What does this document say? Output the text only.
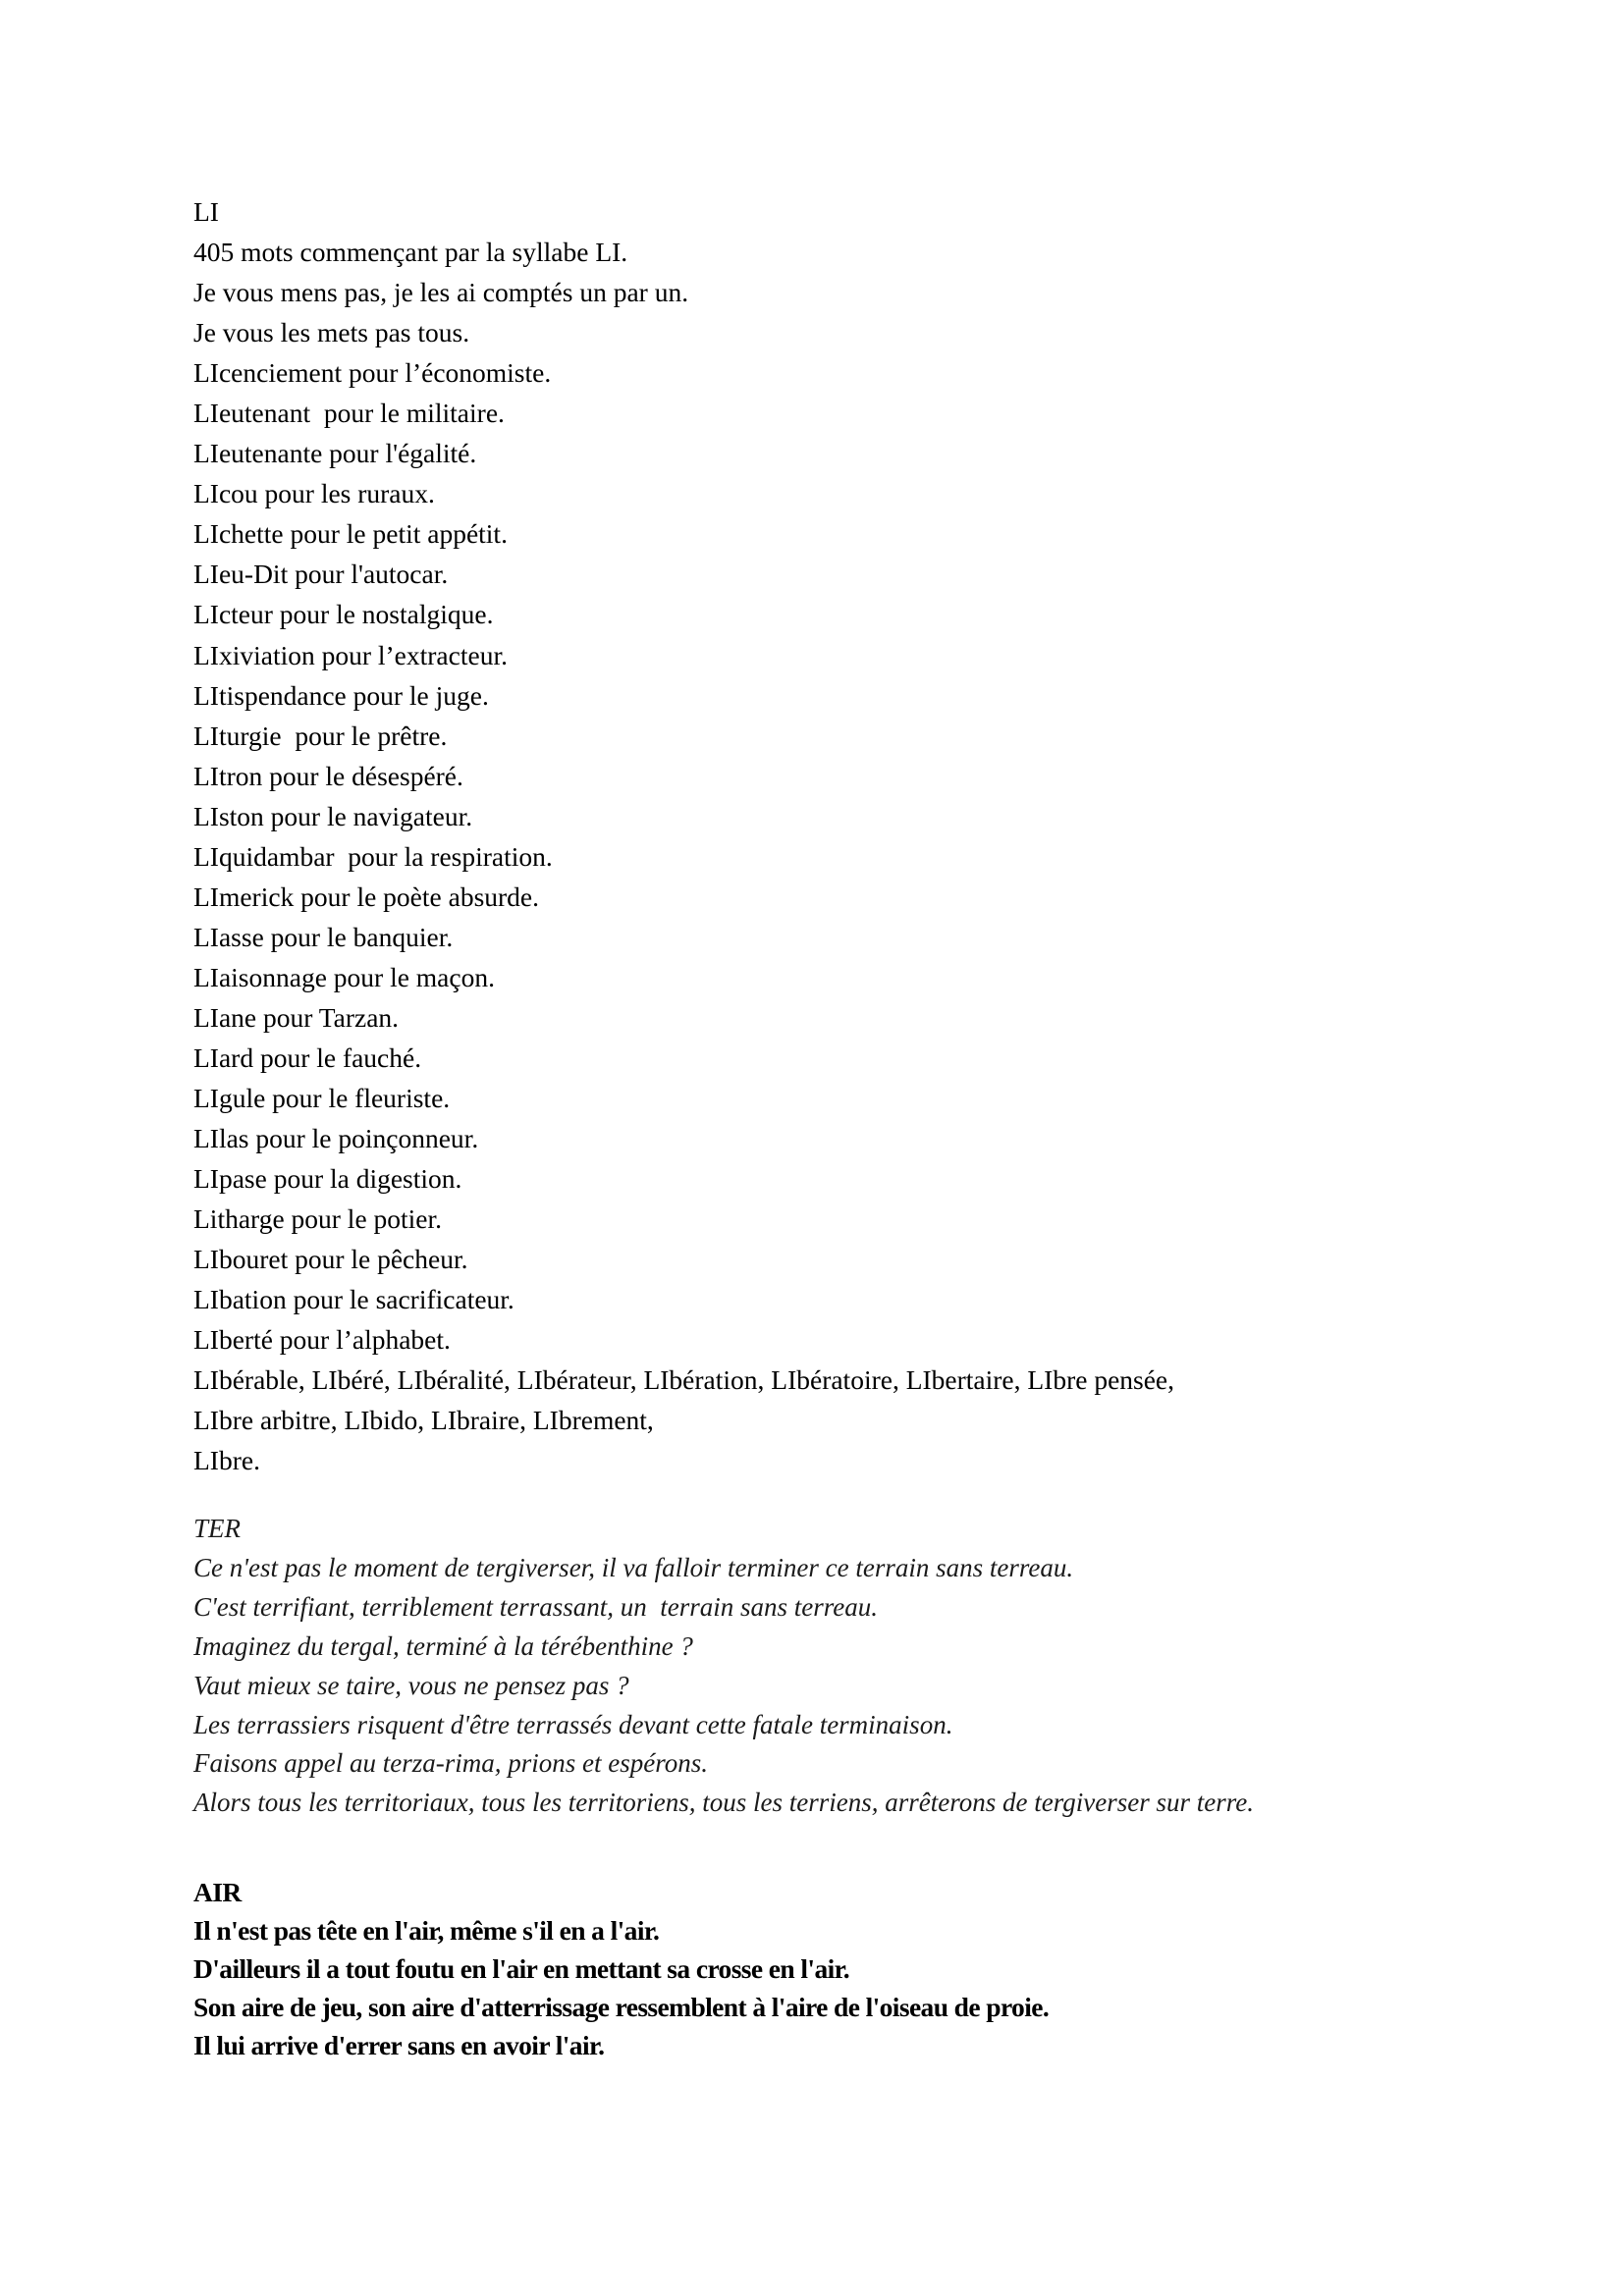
LI
405 mots commençant par la syllabe LI.
Je vous mens pas, je les ai comptés un par un.
Je vous les mets pas tous.
LIcenciement pour l’économiste.
LIeutenant  pour le militaire.
LIeutenante pour l'égalité.
LIcou pour les ruraux.
LIchette pour le petit appétit.
LIeu-Dit pour l'autocar.
LIcteur pour le nostalgique.
LIxiviation pour l’extracteur.
LItispendance pour le juge.
LIturgie  pour le prêtre.
LItron pour le désespéré.
LIston pour le navigateur.
LIquidambar  pour la respiration.
LImerick pour le poète absurde.
LIasse pour le banquier.
LIaisonnage pour le maçon.
LIane pour Tarzan.
LIard pour le fauché.
LIgule pour le fleuriste.
LIlas pour le poinçonneur.
LIpase pour la digestion.
Litharge pour le potier.
LIbouret pour le pêcheur.
LIbation pour le sacrificateur.
LIberté pour l’alphabet.
LIbérable, LIbéré, LIbéralité, LIbérateur, LIbération, LIbératoire, LIbertaire, LIbre pensée,
LIbre arbitre, LIbido, LIbraire, LIbrement,
LIbre.
TER
Ce n'est pas le moment de tergiverser, il va falloir terminer ce terrain sans terreau.
C'est terrifiant, terriblement terrassant, un  terrain sans terreau.
Imaginez du tergal, terminé à la térébenthine ?
Vaut mieux se taire, vous ne pensez pas ?
Les terrassiers risquent d'être terrassés devant cette fatale terminaison.
Faisons appel au terza-rima, prions et espérons.
Alors tous les territoriaux, tous les territoriens, tous les terriens, arrêterons de tergiverser sur terre.
AIR
Il n'est pas tête en l'air, même s'il en a l'air.
D'ailleurs il a tout foutu en l'air en mettant sa crosse en l'air.
Son aire de jeu, son aire d'atterrissage ressemblent à l'aire de l'oiseau de proie.
Il lui arrive d'errer sans en avoir l'air.
